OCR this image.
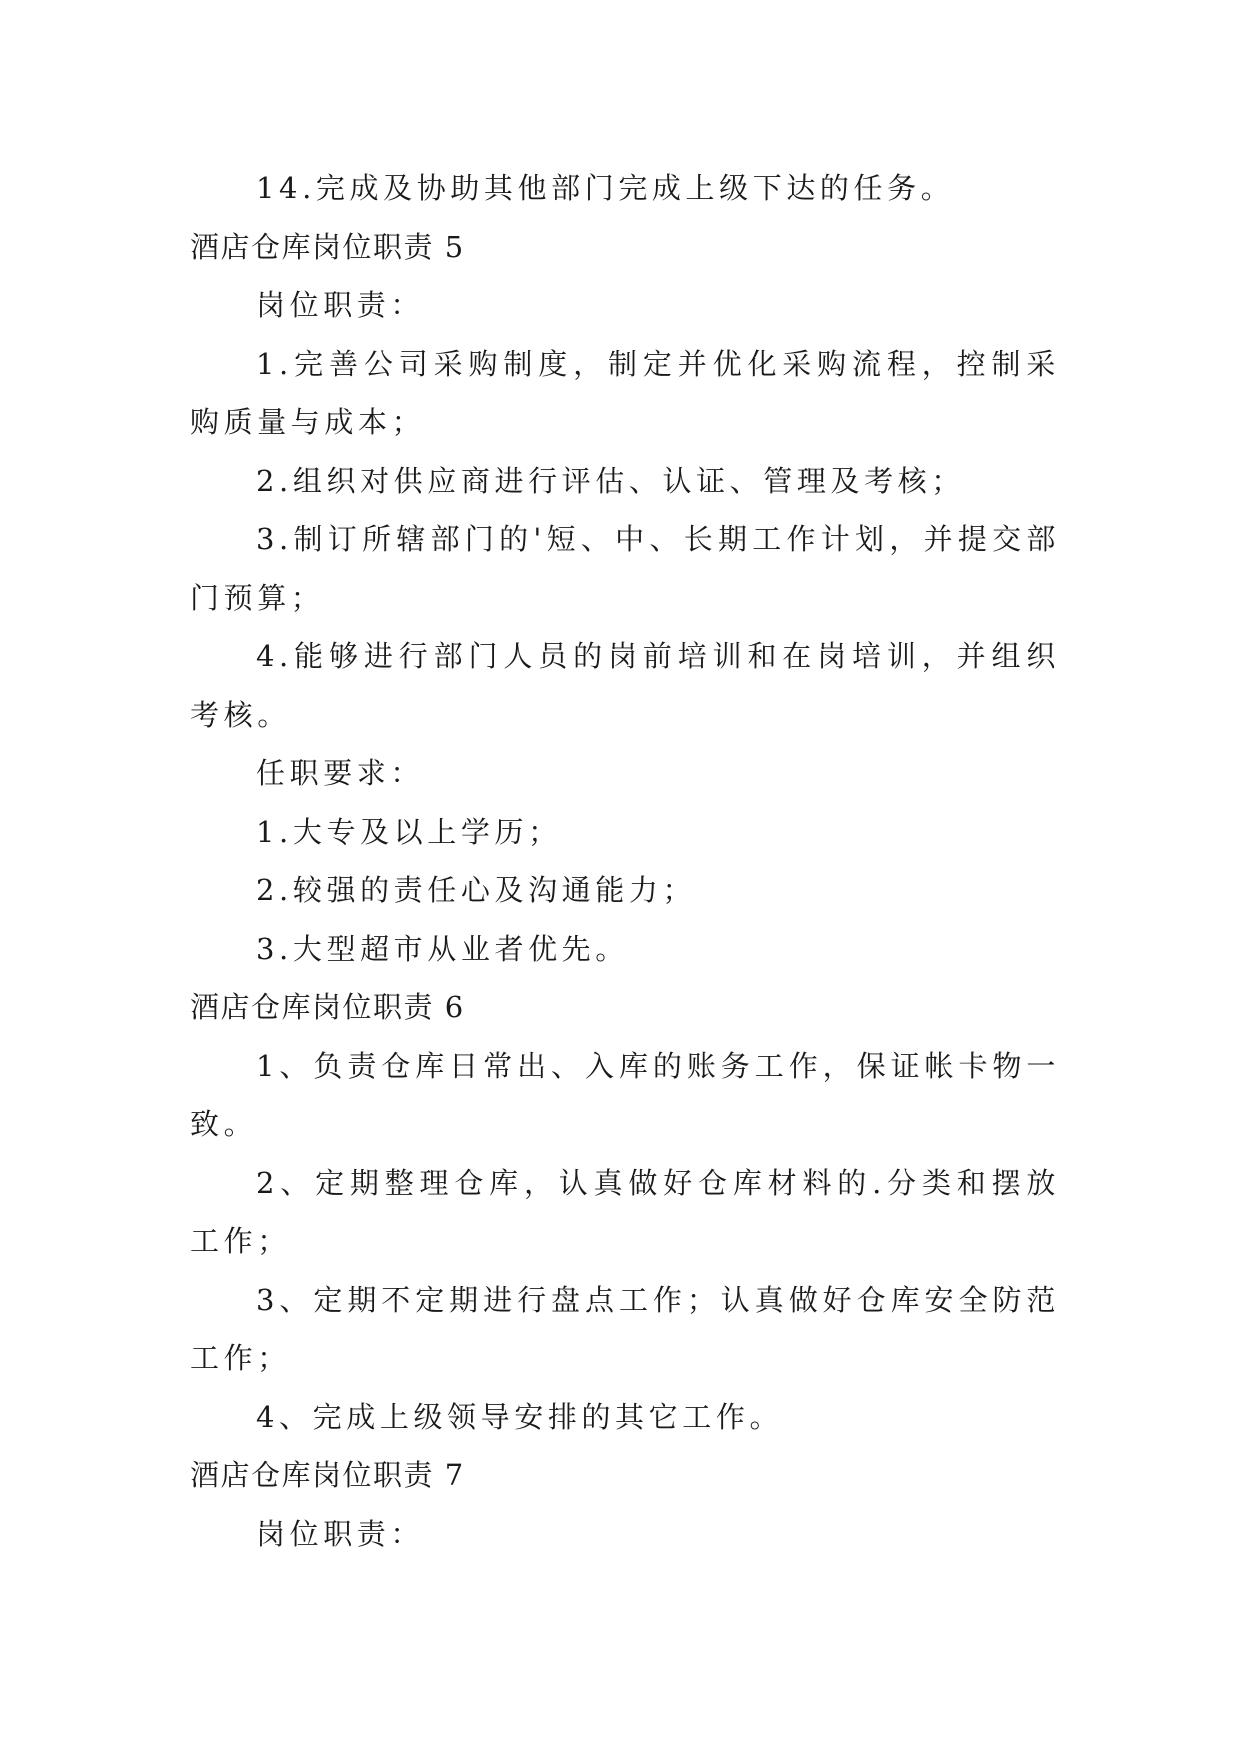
14.完成及协助其他部门完成上级下达的任务。

酒店仓库岗位职责 5

岗位职责：

1.完善公司采购制度，制定并优化采购流程，控制采购质量与成本；

2.组织对供应商进行评估、认证、管理及考核；

3.制订所辖部门的'短、中、长期工作计划，并提交部门预算；

4.能够进行部门人员的岗前培训和在岗培训，并组织考核。

任职要求：

1.大专及以上学历；

2.较强的责任心及沟通能力；

3.大型超市从业者优先。

酒店仓库岗位职责 6

1、负责仓库日常出、入库的账务工作，保证帐卡物一致。

2、定期整理仓库，认真做好仓库材料的.分类和摆放工作；

3、定期不定期进行盘点工作；认真做好仓库安全防范工作；

4、完成上级领导安排的其它工作。

酒店仓库岗位职责 7

岗位职责：
